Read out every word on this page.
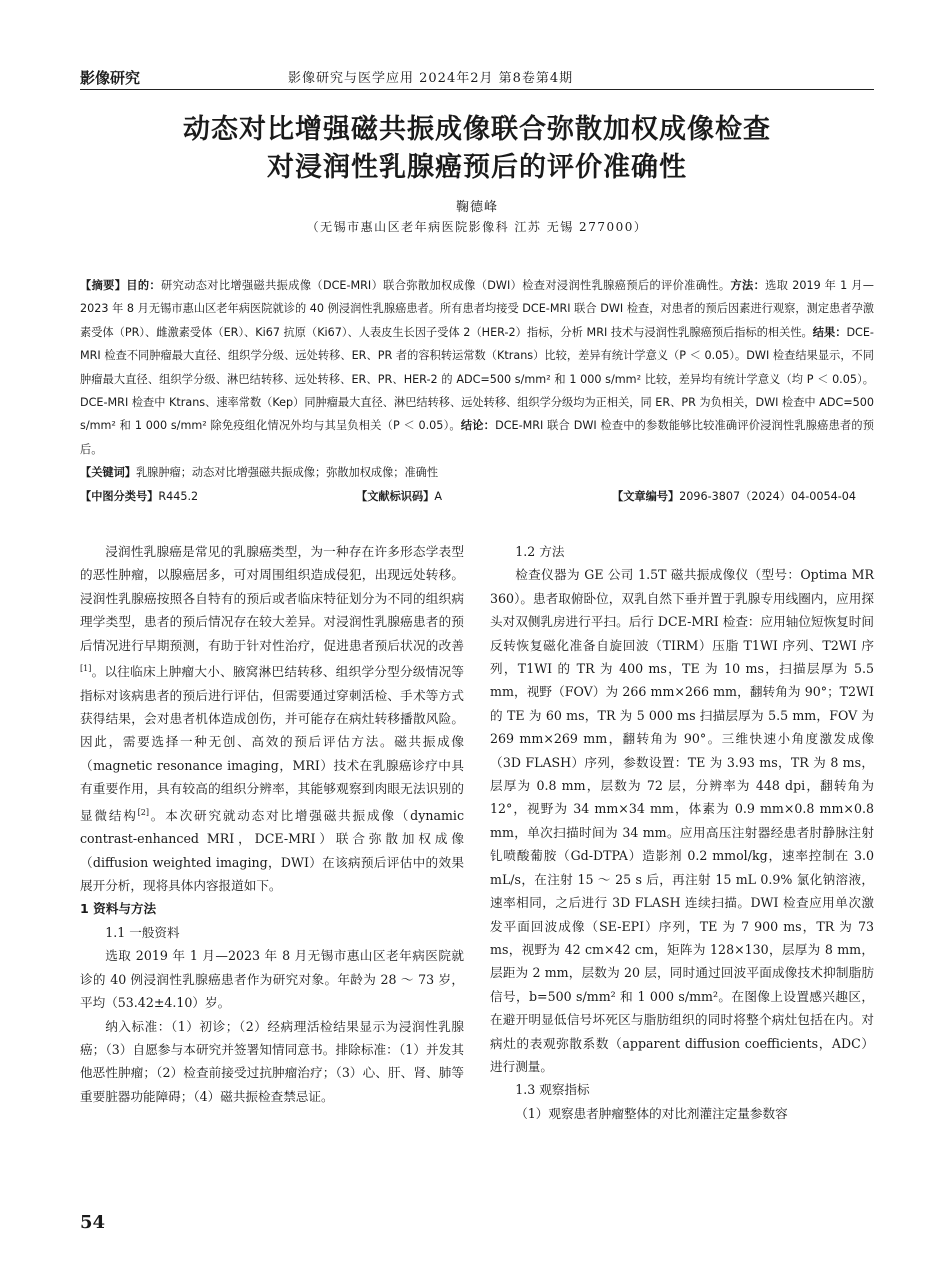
影像研究	影像研究与医学应用 2024年2月 第8卷第4期
动态对比增强磁共振成像联合弥散加权成像检查
对浸润性乳腺癌预后的评价准确性
鞠德峰
（无锡市惠山区老年病医院影像科 江苏 无锡 277000）
【摘要】目的：研究动态对比增强磁共振成像（DCE-MRI）联合弥散加权成像（DWI）检查对浸润性乳腺癌预后的评价准确性。方法：选取 2019 年 1 月—2023 年 8 月无锡市惠山区老年病医院就诊的 40 例浸润性乳腺癌患者。所有患者均接受 DCE-MRI 联合 DWI 检查，对患者的预后因素进行观察，测定患者孕激素受体（PR）、雌激素受体（ER）、Ki67 抗原（Ki67）、人表皮生长因子受体 2（HER-2）指标，分析 MRI 技术与浸润性乳腺癌预后指标的相关性。结果：DCE-MRI 检查不同肿瘤最大直径、组织学分级、远处转移、ER、PR 者的容积转运常数（Ktrans）比较，差异有统计学意义（P ＜ 0.05）。DWI 检查结果显示，不同肿瘤最大直径、组织学分级、淋巴结转移、远处转移、ER、PR、HER-2 的 ADC=500 s/mm² 和 1 000 s/mm² 比较，差异均有统计学意义（均 P ＜ 0.05）。DCE-MRI 检查中 Ktrans、速率常数（Kep）同肿瘤最大直径、淋巴结转移、远处转移、组织学分级均为正相关，同 ER、PR 为负相关，DWI 检查中 ADC=500 s/mm² 和 1 000 s/mm² 除免疫组化情况外均与其呈负相关（P ＜ 0.05）。结论：DCE-MRI 联合 DWI 检查中的参数能够比较准确评价浸润性乳腺癌患者的预后。
【关键词】乳腺肿瘤；动态对比增强磁共振成像；弥散加权成像；准确性
【中图分类号】R445.2	【文献标识码】A	【文章编号】2096-3807（2024）04-0054-04

浸润性乳腺癌是常见的乳腺癌类型，为一种存在许多形态学表型的恶性肿瘤，以腺癌居多，可对周围组织造成侵犯，出现远处转移。浸润性乳腺癌按照各自特有的预后或者临床特征划分为不同的组织病理学类型，患者的预后情况存在较大差异。对浸润性乳腺癌患者的预后情况进行早期预测，有助于针对性治疗，促进患者预后状况的改善[1]。以往临床上肿瘤大小、腋窝淋巴结转移、组织学分型分级情况等指标对该病患者的预后进行评估，但需要通过穿刺活检、手术等方式获得结果，会对患者机体造成创伤，并可能存在病灶转移播散风险。因此，需要选择一种无创、高效的预后评估方法。磁共振成像（magnetic resonance imaging，MRI）技术在乳腺癌诊疗中具有重要作用，具有较高的组织分辨率，其能够观察到肉眼无法识别的显微结构[2]。本次研究就动态对比增强磁共振成像（dynamic contrast-enhanced MRI，DCE-MRI）联合弥散加权成像（diffusion weighted imaging，DWI）在该病预后评估中的效果展开分析，现将具体内容报道如下。

1 资料与方法

1.1 一般资料

选取 2019 年 1 月—2023 年 8 月无锡市惠山区老年病医院就诊的 40 例浸润性乳腺癌患者作为研究对象。年龄为 28 ～ 73 岁，平均（53.42±4.10）岁。

纳入标准：（1）初诊；（2）经病理活检结果显示为浸润性乳腺癌；（3）自愿参与本研究并签署知情同意书。排除标准：（1）并发其他恶性肿瘤；（2）检查前接受过抗肿瘤治疗；（3）心、肝、肾、肺等重要脏器功能障碍；（4）磁共振检查禁忌证。

1.2 方法

检查仪器为 GE 公司 1.5T 磁共振成像仪（型号：Optima MR 360）。患者取俯卧位，双乳自然下垂并置于乳腺专用线圈内，应用探头对双侧乳房进行平扫。后行 DCE-MRI 检查：应用轴位短恢复时间反转恢复磁化准备自旋回波（TIRM）压脂 T1WI 序列、T2WI 序列，T1WI 的 TR 为 400 ms，TE 为 10 ms，扫描层厚为 5.5 mm，视野（FOV）为 266 mm×266 mm，翻转角为 90°；T2WI 的 TE 为 60 ms，TR 为 5 000 ms 扫描层厚为 5.5 mm，FOV 为 269 mm×269 mm，翻转角为 90°。三维快速小角度激发成像（3D FLASH）序列，参数设置：TE 为 3.93 ms，TR 为 8 ms，层厚为 0.8 mm，层数为 72 层，分辨率为 448 dpi，翻转角为 12°，视野为 34 mm×34 mm，体素为 0.9 mm×0.8 mm×0.8 mm，单次扫描时间为 34 mm。应用高压注射器经患者肘静脉注射钆喷酸葡胺（Gd-DTPA）造影剂 0.2 mmol/kg，速率控制在 3.0 mL/s，在注射 15 ～ 25 s 后，再注射 15 mL 0.9% 氯化钠溶液，速率相同，之后进行 3D FLASH 连续扫描。DWI 检查应用单次激发平面回波成像（SE-EPI）序列，TE 为 7 900 ms，TR 为 73 ms，视野为 42 cm×42 cm，矩阵为 128×130，层厚为 8 mm，层距为 2 mm，层数为 20 层，同时通过回波平面成像技术抑制脂肪信号，b=500 s/mm² 和 1 000 s/mm²。在图像上设置感兴趣区，在避开明显低信号坏死区与脂肪组织的同时将整个病灶包括在内。对病灶的表观弥散系数（apparent diffusion coefficients，ADC）进行测量。

1.3 观察指标

（1）观察患者肿瘤整体的对比剂灌注定量参数容

54
